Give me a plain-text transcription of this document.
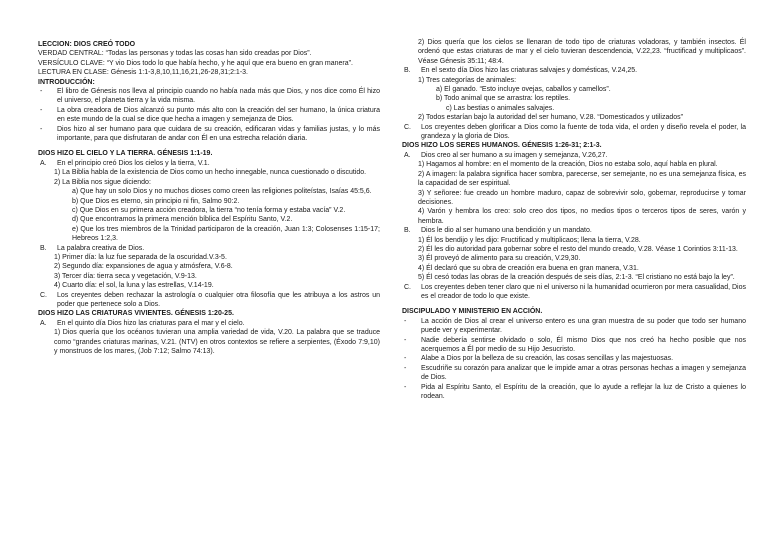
LECCION: DIOS CREÓ TODO
VERDAD CENTRAL: “Todas las personas y todas las cosas han sido creadas por Dios”.
VERSÍCULO CLAVE: “Y vio Dios todo lo que había hecho, y he aquí que era bueno en gran manera”.
LECTURA EN CLASE: Génesis 1:1-3,8,10,11,16,21,26-28,31;2:1-3.
INTRODUCCIÓN:
-	El libro de Génesis nos lleva al principio cuando no había nada más que Dios, y nos dice como Él hizo el universo, el planeta tierra y la vida misma.
-	La obra creadora de Dios alcanzó su punto más alto con la creación del ser humano, la única criatura en este mundo de la cual se dice que hecha a imagen y semejanza de Dios.
-	Dios hizo al ser humano para que cuidara de su creación, edificaran vidas y familias justas, y lo más importante, para que disfrutaran de andar con Él en una estrecha relación diaria.
DIOS HIZO EL CIELO Y LA TIERRA. GÉNESIS 1:1-19.
A.	En el principio creó Dios los cielos y la tierra, V.1.
1) La Biblia habla de la existencia de Dios como un hecho innegable, nunca cuestionado o discutido.
2) La Biblia nos sigue diciendo:
a) Que hay un solo Dios y no muchos dioses como creen las religiones politeístas, Isaías 45:5,6.
b) Que Dios es eterno, sin principio ni fin, Salmo 90:2.
c) Que Dios en su primera acción creadora, la tierra “no tenía forma y estaba vacía” V.2.
d) Que encontramos la primera mención bíblica del Espíritu Santo, V.2.
e) Que los tres miembros de la Trinidad participaron de la creación, Juan 1:3; Colosenses 1:15-17; Hebreos 1:2,3.
B.	La palabra creativa de Dios.
1) Primer día: la luz fue separada de la oscuridad.V.3-5.
2) Segundo día: expansiones de agua y atmósfera, V.6-8.
3) Tercer día: tierra seca y vegetación, V.9-13.
4) Cuarto día: el sol, la luna y las estrellas, V.14-19.
C.	Los creyentes deben rechazar la astrología o cualquier otra filosofía que les atribuya a los astros un poder que pertenece solo a Dios.
DIOS HIZO LAS CRIATURAS VIVIENTES. GÉNESIS 1:20-25.
A.	En el quinto día Dios hizo las criaturas para el mar y el cielo.
1) Dios quería que los océanos tuvieran una amplia variedad de vida, V.20. La palabra que se traduce como “grandes criaturas marinas, V.21. (NTV) en otros contextos se refiere a serpientes, (Éxodo 7:9,10) y monstruos de los mares, (Job 7:12; Salmo 74:13).
2) Dios quería que los cielos se llenaran de todo tipo de criaturas voladoras, y también insectos. Él ordenó que estas criaturas de mar y el cielo tuvieran descendencia, V.22,23. “fructificad y multiplicaos”. Véase Génesis 35:11; 48:4.
B.	En el sexto día Dios hizo las criaturas salvajes y domésticas, V.24,25.
1) Tres categorías de animales:
a) El ganado. “Esto incluye ovejas, caballos y camellos”.
b) Todo animal que se arrastra: los reptiles.
c) Las bestias o animales salvajes.
2) Todos estarían bajo la autoridad del ser humano, V.28. “Domesticados y utilizados”
C.	Los creyentes deben glorificar a Dios como la fuente de toda vida, el orden y diseño revela el poder, la grandeza y la gloria de Dios.
DIOS HIZO LOS SERES HUMANOS. GÉNESIS 1:26-31; 2:1-3.
A.	Dios creo al ser humano a su imagen y semejanza, V.26,27.
1) Hagamos al hombre: en el momento de la creación, Dios no estaba solo, aquí habla en plural.
2) A imagen: la palabra significa hacer sombra, parecerse, ser semejante, no es una semejanza física, es la capacidad de ser espiritual.
3) Y señoree: fue creado un hombre maduro, capaz de sobrevivir solo, gobernar, reproducirse y tomar decisiones.
4) Varón y hembra los creo: solo creo dos tipos, no medios tipos o terceros tipos de seres, varón y hembra.
B.	Dios le dio al ser humano una bendición y un mandato.
1) Él los bendijo y les dijo: Fructificad y multiplicaos; llena la tierra, V.28.
2) Él les dio autoridad para gobernar sobre el resto del mundo creado, V.28. Véase 1 Corintios 3:11-13.
3) Él proveyó de alimento para su creación, V.29,30.
4) Él declaró que su obra de creación era buena en gran manera, V.31.
5) Él cesó todas las obras de la creación después de seis días, 2:1-3. “El cristiano no está bajo la ley”.
C.	Los creyentes deben tener claro que ni el universo ni la humanidad ocurrieron por mera casualidad, Dios es el creador de todo lo que existe.
DISCIPULADO Y MINISTERIO EN ACCIÓN.
-	La acción de Dios al crear el universo entero es una gran muestra de su poder que todo ser humano puede ver y experimentar.
-	Nadie debería sentirse olvidado o solo, Él mismo Dios que nos creó ha hecho posible que nos acerquemos a Él por medio de su Hijo Jesucristo.
-	Alabe a Dios por la belleza de su creación, las cosas sencillas y las majestuosas.
-	Escudriñe su corazón para analizar que le impide amar a otras personas hechas a imagen y semejanza de Dios.
-	Pida al Espíritu Santo, el Espíritu de la creación, que lo ayude a reflejar la luz de Cristo a quienes lo rodean.
